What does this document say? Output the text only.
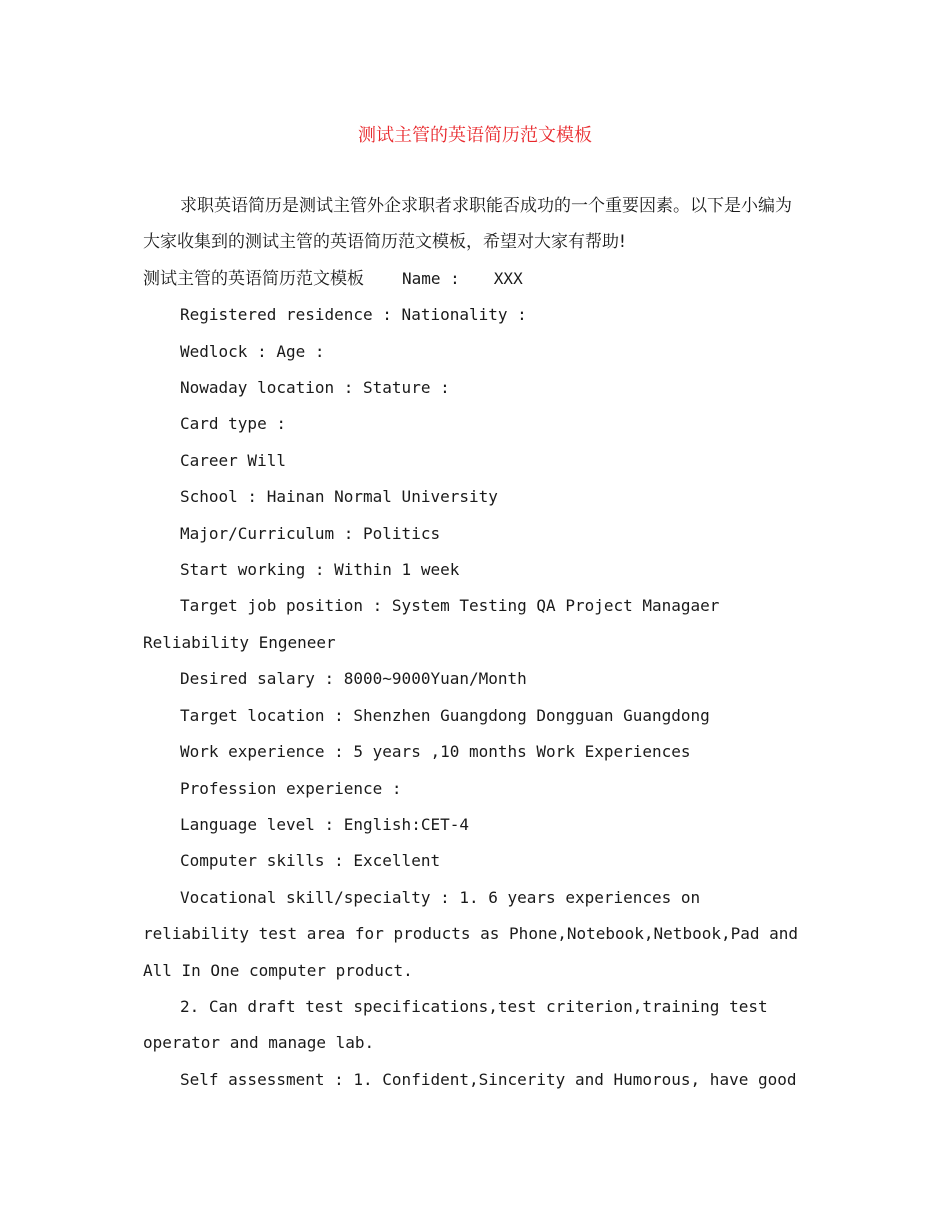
测试主管的英语简历范文模板

求职英语简历是测试主管外企求职者求职能否成功的一个重要因素。以下是小编为大家收集到的测试主管的英语简历范文模板，希望对大家有帮助!

测试主管的英语简历范文模板 Name : XXX

Registered residence : Nationality :

Wedlock : Age :

Nowaday location : Stature :

Card type :

Career Will

School : Hainan Normal University

Major/Curriculum : Politics

Start working : Within 1 week

Target job position : System Testing QA Project Managaer Reliability Engeneer

Desired salary : 8000~9000Yuan/Month

Target location : Shenzhen Guangdong Dongguan Guangdong

Work experience : 5 years ,10 months Work Experiences

Profession experience :

Language level : English:CET-4

Computer skills : Excellent

Vocational skill/specialty : 1. 6 years experiences on reliability test area for products as Phone,Notebook,Netbook,Pad and All In One computer product.

2. Can draft test specifications,test criterion,training test operator and manage lab.

Self assessment : 1. Confident,Sincerity and Humorous, have good
